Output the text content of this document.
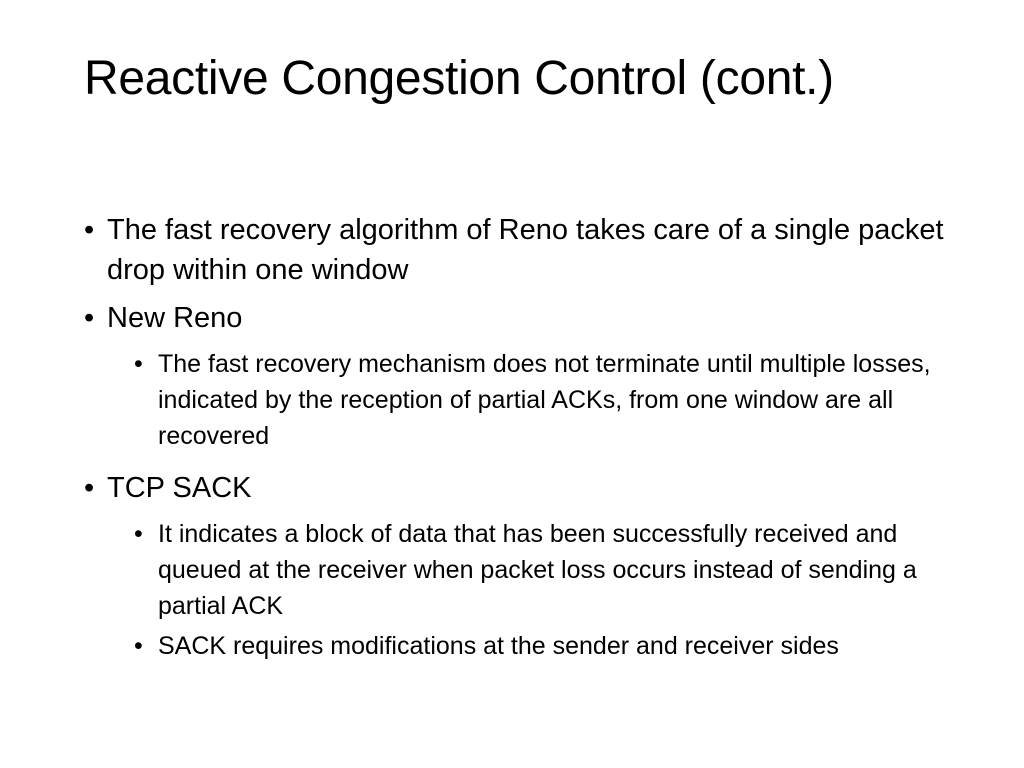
Reactive Congestion Control (cont.)
• The fast recovery algorithm of Reno takes care of a single packet drop within one window
• New Reno
• The fast recovery mechanism does not terminate until multiple losses, indicated by the reception of partial ACKs, from one window are all recovered
• TCP SACK
• It indicates a block of data that has been successfully received and queued at the receiver when packet loss occurs instead of sending a partial ACK
• SACK requires modifications at the sender and receiver sides
